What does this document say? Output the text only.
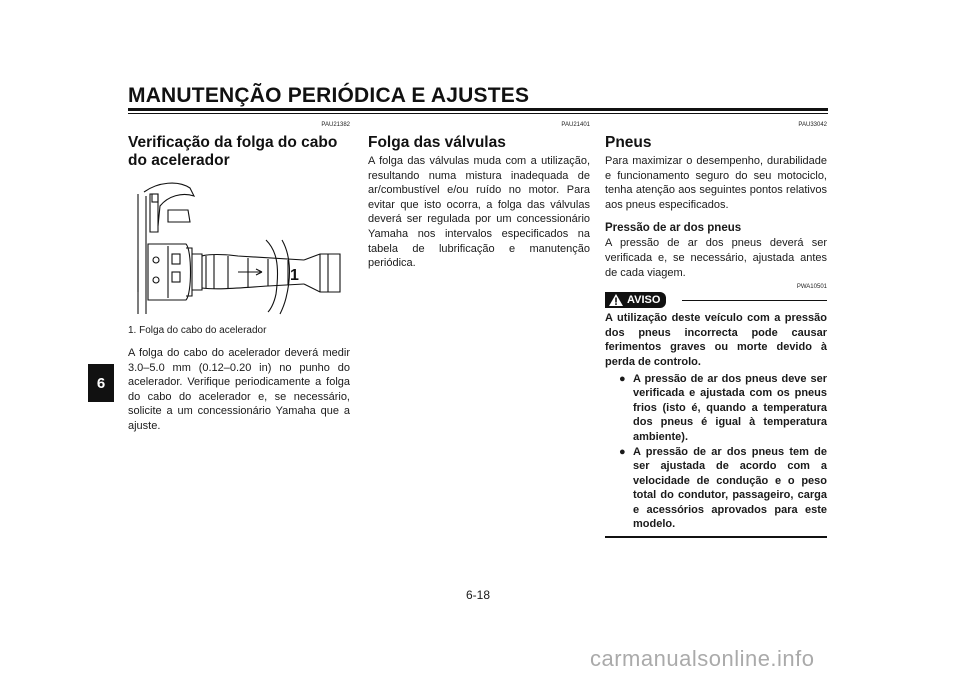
MANUTENÇÃO PERIÓDICA E AJUSTES
6
PAU21382
Verificação da folga do cabo do acelerador
1
1. Folga do cabo do acelerador
A folga do cabo do acelerador deverá medir 3.0–5.0 mm (0.12–0.20 in) no punho do acelerador. Verifique periodicamente a folga do cabo do acelerador e, se necessário, solicite a um concessionário Yamaha que a ajuste.
PAU21401
Folga das válvulas
A folga das válvulas muda com a utilização, resultando numa mistura inadequada de ar/combustível e/ou ruído no motor. Para evitar que isto ocorra, a folga das válvulas deverá ser regulada por um concessionário Yamaha nos intervalos especificados na tabela de lubrificação e manutenção periódica.
PAU33042
Pneus
Para maximizar o desempenho, durabilidade e funcionamento seguro do seu motociclo, tenha atenção aos seguintes pontos relativos aos pneus especificados.
Pressão de ar dos pneus
A pressão de ar dos pneus deverá ser verificada e, se necessário, ajustada antes de cada viagem.
PWA10501
AVISO
A utilização deste veículo com a pressão dos pneus incorrecta pode causar ferimentos graves ou morte devido à perda de controlo.
● A pressão de ar dos pneus deve ser verificada e ajustada com os pneus frios (isto é, quando a temperatura dos pneus é igual à temperatura ambiente).
● A pressão de ar dos pneus tem de ser ajustada de acordo com a velocidade de condução e o peso total do condutor, passageiro, carga e acessórios aprovados para este modelo.
6-18
carmanualsonline.info
